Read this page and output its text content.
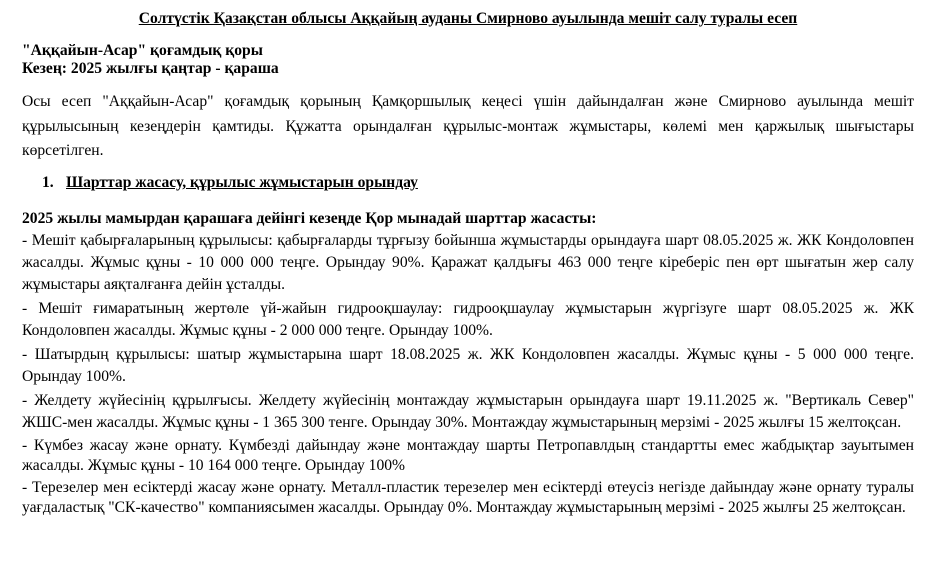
Солтүстік Қазақстан облысы Аққайың ауданы Смирново ауылында мешіт салу туралы есеп
"Аққайын-Асар" қоғамдық қоры
Кезең: 2025 жылғы қаңтар - қараша
Осы есеп "Аққайын-Асар" қоғамдық қорының Қамқоршылық кеңесі үшін дайындалған және Смирново ауылында мешіт құрылысының кезеңдерін қамтиды. Құжатта орындалған құрылыс-монтаж жұмыстары, көлемі мен қаржылық шығыстары көрсетілген.
1. Шарттар жасасу, құрылыс жұмыстарын орындау
2025 жылы мамырдан қарашаға дейінгі кезеңде Қор мынадай шарттар жасасты:
- Мешіт қабырғаларының құрылысы: қабырғаларды тұрғызу бойынша жұмыстарды орындауға шарт 08.05.2025 ж. ЖК Кондоловпен жасалды. Жұмыс құны - 10 000 000 теңге. Орындау 90%. Қаражат қалдығы 463 000 теңге кіреберіс пен өрт шығатын жер салу жұмыстары аяқталғанға дейін ұсталды.
- Мешіт ғимаратының жертөле үй-жайын гидрооқшаулау: гидрооқшаулау жұмыстарын жүргізуге шарт 08.05.2025 ж. ЖК Кондоловпен жасалды. Жұмыс құны - 2 000 000 теңге. Орындау 100%.
- Шатырдың құрылысы: шатыр жұмыстарына шарт 18.08.2025 ж. ЖК Кондоловпен жасалды. Жұмыс құны - 5 000 000 теңге. Орындау 100%.
- Желдету жүйесінің құрылғысы. Желдету жүйесінің монтаждау жұмыстарын орындауға шарт 19.11.2025 ж. "Вертикаль Север" ЖШС-мен жасалды. Жұмыс құны - 1 365 300 тенге. Орындау 30%. Монтаждау жұмыстарының мерзімі - 2025 жылғы 15 желтоқсан.
- Күмбез жасау және орнату. Күмбезді дайындау және монтаждау шарты Петропавлдың стандартты емес жабдықтар зауытымен жасалды. Жұмыс құны - 10 164 000 теңге. Орындау 100%
- Терезелер мен есіктерді жасау және орнату. Металл-пластик терезелер мен есіктерді өтеусіз негізде дайындау және орнату туралы уағдаластық "СК-качество" компаниясымен жасалды. Орындау 0%. Монтаждау жұмыстарының мерзімі - 2025 жылғы 25 желтоқсан.
